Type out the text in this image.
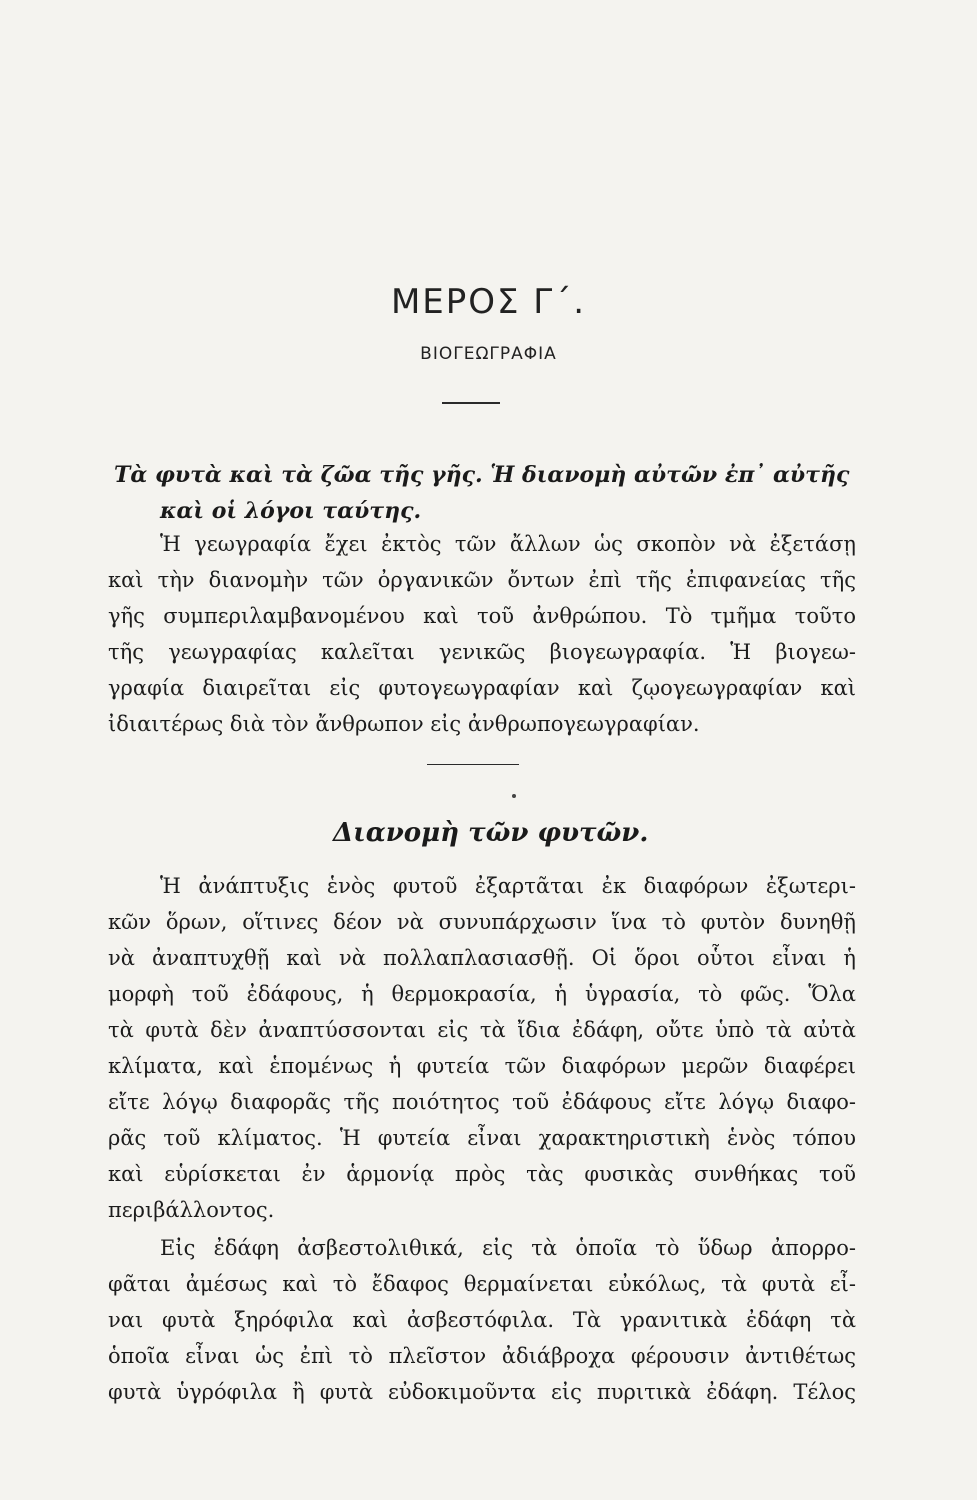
ΜΕΡΟΣ Γ΄.
ΒΙΟΓΕΩΓΡΑΦΙΑ
Τὰ φυτὰ καὶ τὰ ζῶα τῆς γῆς. Ἡ διανομὴ αὐτῶν ἐπ᾽ αὐτῆς
καὶ οἱ λόγοι ταύτης.
Ἡ γεωγραφία ἔχει ἐκτὸς τῶν ἄλλων ὡς σκοπὸν νὰ ἐξετάσῃ
καὶ τὴν διανομὴν τῶν ὀργανικῶν ὄντων ἐπὶ τῆς ἐπιφανείας τῆς
γῆς συμπεριλαμβανομένου καὶ τοῦ ἀνθρώπου. Τὸ τμῆμα τοῦτο
τῆς γεωγραφίας καλεῖται γενικῶς βιογεωγραφία. Ἡ βιογεω-
γραφία διαιρεῖται εἰς φυτογεωγραφίαν καὶ ζῳογεωγραφίαν καὶ
ἰδιαιτέρως διὰ τὸν ἄνθρωπον εἰς ἀνθρωπογεωγραφίαν.
Διανομὴ τῶν φυτῶν.
Ἡ ἀνάπτυξις ἑνὸς φυτοῦ ἐξαρτᾶται ἐκ διαφόρων ἐξωτερι-
κῶν ὅρων, οἵτινες δέον νὰ συνυπάρχωσιν ἵνα τὸ φυτὸν δυνηθῇ
νὰ ἀναπτυχθῇ καὶ νὰ πολλαπλασιασθῇ. Οἱ ὅροι οὗτοι εἶναι ἡ
μορφὴ τοῦ ἐδάφους, ἡ θερμοκρασία, ἡ ὑγρασία, τὸ φῶς. Ὅλα
τὰ φυτὰ δὲν ἀναπτύσσονται εἰς τὰ ἴδια ἐδάφη, οὔτε ὑπὸ τὰ αὐτὰ
κλίματα, καὶ ἑπομένως ἡ φυτεία τῶν διαφόρων μερῶν διαφέρει
εἴτε λόγῳ διαφορᾶς τῆς ποιότητος τοῦ ἐδάφους εἴτε λόγῳ διαφο-
ρᾶς τοῦ κλίματος. Ἡ φυτεία εἶναι χαρακτηριστικὴ ἑνὸς τόπου
καὶ εὑρίσκεται ἐν ἁρμονίᾳ πρὸς τὰς φυσικὰς συνθήκας τοῦ
περιβάλλοντος.
Εἰς ἐδάφη ἀσβεστολιθικά, εἰς τὰ ὁποῖα τὸ ὕδωρ ἀπορρο-
φᾶται ἀμέσως καὶ τὸ ἔδαφος θερμαίνεται εὐκόλως, τὰ φυτὰ εἶ-
ναι φυτὰ ξηρόφιλα καὶ ἀσβεστόφιλα. Τὰ γρανιτικὰ ἐδάφη τὰ
ὁποῖα εἶναι ὡς ἐπὶ τὸ πλεῖστον ἀδιάβροχα φέρουσιν ἀντιθέτως
φυτὰ ὑγρόφιλα ἢ φυτὰ εὐδοκιμοῦντα εἰς πυριτικὰ ἐδάφη. Τέλος
